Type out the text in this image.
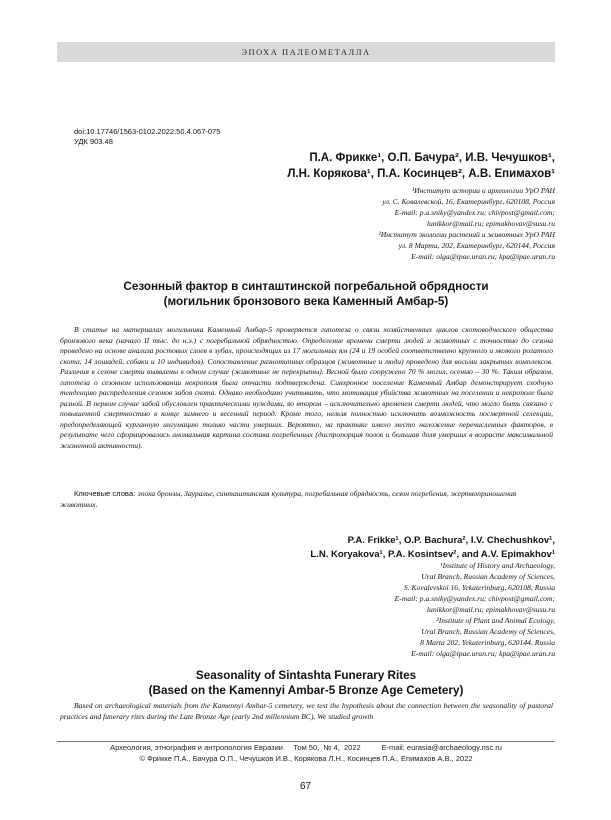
ЭПОХА ПАЛЕОМЕТАЛЛА
doi:10.17746/1563-0102.2022.50.4.067-075
УДК 903.48
П.А. Фрикке¹, О.П. Бачура², И.В. Чечушков¹,
Л.Н. Корякова¹, П.А. Косинцев², А.В. Епимахов¹
¹Институт истории и археологии УрО РАН
ул. С. Ковалевской, 16, Екатеринбург, 620108, Россия
E-mail: p.a.sniky@yandex.ru; chivpost@gmail.com;
lunikkor@mail.ru; epimakhovav@susu.ru
²Институт экологии растений и животных УрО РАН
ул. 8 Марта, 202, Екатеринбург, 620144, Россия
E-mail: olga@ipae.uran.ru; kpa@ipae.uran.ru
Сезонный фактор в синташтинской погребальной обрядности
(могильник бронзового века Каменный Амбар-5)
В статье на материалах могильника Каменный Амбар-5 проверяется гипотеза о связи хозяйственных циклов скотоводческого общества бронзового века (начало II тыс. до н.э.) с погребальной обрядностью. Определение времени смерти людей и животных с точностью до сезона проведено на основе анализа ростовых слоев в зубах, происходящих из 17 могильных ям (24 и 19 особей соответственно крупного и мелкого рогатого скота, 14 лошадей, собаки и 10 индивидов). Сопоставление разнотипных образцов (животные и люди) проведено для восьми закрытых комплексов. Различия в сезоне смерти выявлены в одном случае (животные не перекрыты). Весной было сооружено 70 % могил, осенью – 30 %. Таким образом, гипотеза о сезонном использовании некрополя была отчасти подтверждена. Синхронное поселение Каменный Амбар демонстрирует сходную тенденцию распределения сезонов забоя скота. Однако необходимо учитывать, что мотивация убийства животных на поселении и некрополе была разной. В первом случае забой обусловлен практическими нуждами, во втором – исключительно временем смерти людей, что могло быть связано с повышенной смертностью в конце зимнего и весенний период. Кроме того, нельзя полностью исключить возможность посмертной селекции, предопределяющей курганную ингумацию только части умерших. Вероятно, на практике имело место наложение перечисленных факторов, в результате чего сформировалась аномальная картина состава погребенных (диспропорция полов и большая доля умерших в возрасте максимальной жизненной активности).
Ключевые слова: эпоха бронзы, Зауралье, синташтинская культура, погребальная обрядность, сезон погребения, жертвоприношения животных.
P.A. Frikke¹, O.P. Bachura², I.V. Chechushkov¹,
L.N. Koryakova¹, P.A. Kosintsev², and A.V. Epimakhov¹
¹Institute of History and Archaeology,
Ural Branch, Russian Academy of Sciences,
S. Kovalevskoi 16, Yekaterinburg, 620108, Russia
E-mail: p.a.sniky@yandex.ru; chivpost@gmail.com;
lunikkor@mail.ru; epimakhovav@susu.ru
²Institute of Plant and Animal Ecology,
Ural Branch, Russian Academy of Sciences,
8 Marta 202, Yekaterinburg, 620144, Russia
E-mail: olga@ipae.uran.ru; kpa@ipae.uran.ru
Seasonality of Sintashta Funerary Rites
(Based on the Kamennyi Ambar-5 Bronze Age Cemetery)
Based on archaeological materials from the Kamennyi Ambar-5 cemetery, we test the hypothesis about the connection between the seasonality of pastoral practices and funerary rites during the Late Bronze Age (early 2nd millennium BC). We studied growth
Археология, этнография и антропология Евразии     Том 50,  № 4,  2022          E-mail: eurasia@archaeology.nsc.ru
© Фрикке П.А., Бачура О.П., Чечушков И.В., Корякова Л.Н., Косинцев П.А., Епимахов А.В., 2022
67
